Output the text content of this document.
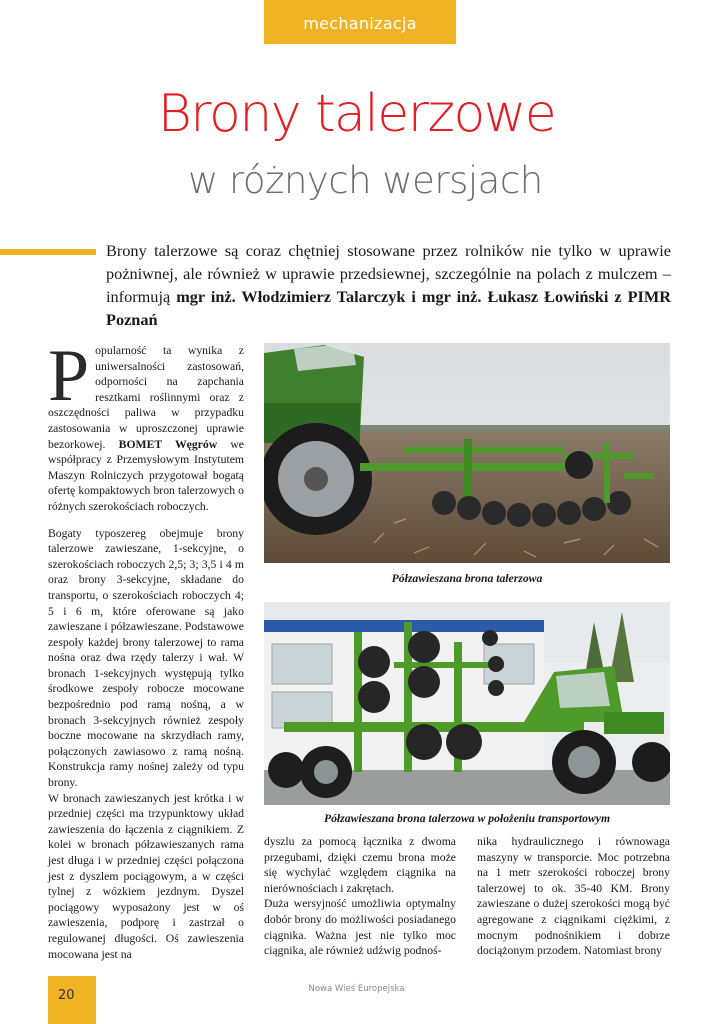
mechanizacja
Brony talerzowe
w różnych wersjach

Brony talerzowe są coraz chętniej stosowane przez rolników nie tylko w uprawie pożniwnej, ale również w uprawie przedsiewnej, szczególnie na polach z mulczem – informują mgr inż. Włodzimierz Talarczyk i mgr inż. Łukasz Łowiński z PIMR Poznań

Popularność ta wynika z uniwersalności zastosowań, odporności na zapchania resztkami roślinnymi oraz z oszczędności paliwa w przypadku zastosowania w uproszczonej uprawie bezorkowej. BOMET Węgrów we współpracy z Przemysłowym Instytutem Maszyn Rolniczych przygotował bogatą ofertę kompaktowych bron talerzowych o różnych szerokościach roboczych.

Bogaty typoszereg obejmuje brony talerzowe zawieszane, 1-sekcyjne, o szerokościach roboczych 2,5; 3; 3,5 i 4 m oraz brony 3-sekcyjne, składane do transportu, o szerokościach roboczych 4; 5 i 6 m, które oferowane są jako zawieszane i półzawieszane. Podstawowe zespoły każdej brony talerzowej to rama nośna oraz dwa rzędy talerzy i wał. W bronach 1-sekcyjnych występują tylko środkowe zespoły robocze mocowane bezpośrednio pod ramą nośną, a w bronach 3-sekcyjnych również zespoły boczne mocowane na skrzydłach ramy, połączonych zawiasowo z ramą nośną. Konstrukcja ramy nośnej zależy od typu brony.

W bronach zawieszanych jest krótka i w przedniej części ma trzypunktowy układ zawieszenia do łączenia z ciągnikiem. Z kolei w bronach półzawieszanych rama jest długa i w przedniej części połączona jest z dyszlem pociągowym, a w części tylnej z wózkiem jezdnym. Dyszel pociągowy wyposażony jest w oś zawieszenia, podporę i zastrzał o regulowanej długości. Oś zawieszenia mocowana jest na

Półzawieszana brona talerzowa

Półzawieszana brona talerzowa w położeniu transportowym

dyszlu za pomocą łącznika z dwoma przegubami, dzięki czemu brona może się wychylać względem ciągnika na nierównościach i zakrętach.

Duża wersyjność umożliwia optymalny dobór brony do możliwości posiadanego ciągnika. Ważna jest nie tylko moc ciągnika, ale również udźwig podnoś-

nika hydraulicznego i równowaga maszyny w transporcie. Moc potrzebna na 1 metr szerokości roboczej brony talerzowej to ok. 35-40 KM. Brony zawieszane o dużej szerokości mogą być agregowane z ciągnikami ciężkimi, z mocnym podnośnikiem i dobrze dociążonym przodem. Natomiast brony

20	Nowa Wieś Europejska
